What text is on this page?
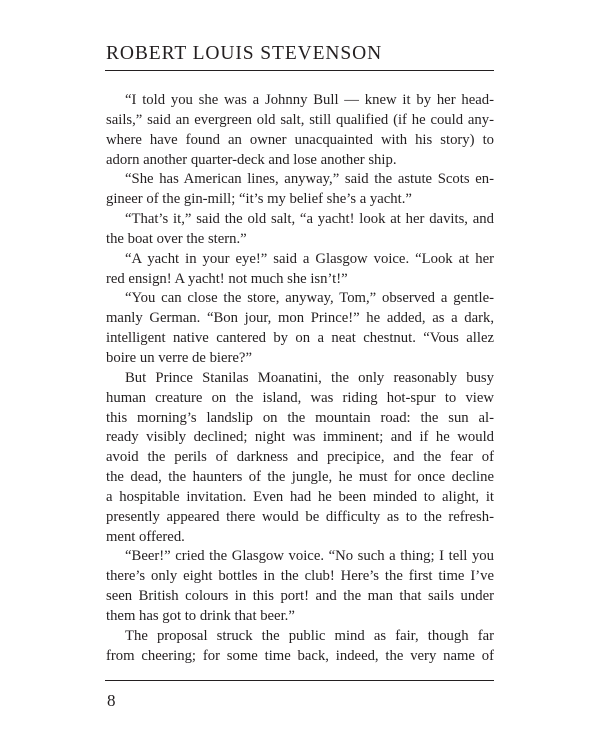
ROBERT LOUIS STEVENSON
“I told you she was a Johnny Bull — knew it by her head-
sails,” said an evergreen old salt, still qualified (if he could any-
where have found an owner unacquainted with his story) to
adorn another quarter-deck and lose another ship.
“She has American lines, anyway,” said the astute Scots en-
gineer of the gin-mill; “it’s my belief she’s a yacht.”
“That’s it,” said the old salt, “a yacht! look at her davits, and
the boat over the stern.”
“A yacht in your eye!” said a Glasgow voice. “Look at her
red ensign! A yacht! not much she isn’t!”
“You can close the store, anyway, Tom,” observed a gentle-
manly German. “Bon jour, mon Prince!” he added, as a dark,
intelligent native cantered by on a neat chestnut. “Vous allez
boire un verre de biere?”
But Prince Stanilas Moanatini, the only reasonably busy
human creature on the island, was riding hot-spur to view
this morning’s landslip on the mountain road: the sun al-
ready visibly declined; night was imminent; and if he would
avoid the perils of darkness and precipice, and the fear of
the dead, the haunters of the jungle, he must for once decline
a hospitable invitation. Even had he been minded to alight, it
presently appeared there would be difficulty as to the refresh-
ment offered.
“Beer!” cried the Glasgow voice. “No such a thing; I tell you
there’s only eight bottles in the club! Here’s the first time I’ve
seen British colours in this port! and the man that sails under
them has got to drink that beer.”
The proposal struck the public mind as fair, though far
from cheering; for some time back, indeed, the very name of
8
